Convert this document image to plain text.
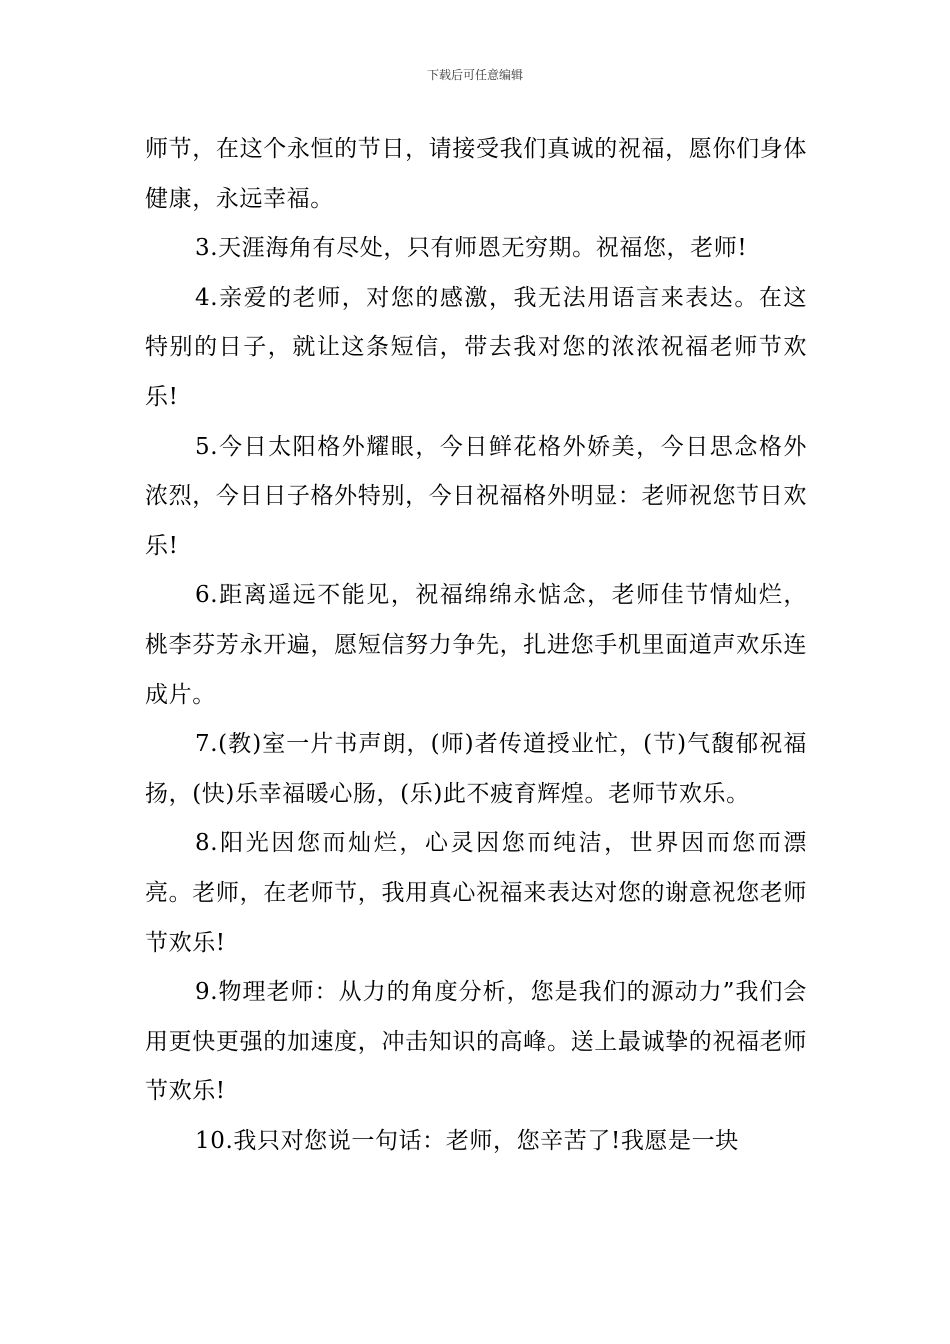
下载后可任意编辑

师节，在这个永恒的节日，请接受我们真诚的祝福，愿你们身体健康，永远幸福。

3.天涯海角有尽处，只有师恩无穷期。祝福您，老师!

4.亲爱的老师，对您的感激，我无法用语言来表达。在这特别的日子，就让这条短信，带去我对您的浓浓祝福老师节欢乐!

5.今日太阳格外耀眼，今日鲜花格外娇美，今日思念格外浓烈，今日日子格外特别，今日祝福格外明显：老师祝您节日欢乐!

6.距离遥远不能见，祝福绵绵永惦念，老师佳节情灿烂，桃李芬芳永开遍，愿短信努力争先，扎进您手机里面道声欢乐连成片。

7.(教)室一片书声朗，(师)者传道授业忙，(节)气馥郁祝福扬，(快)乐幸福暖心肠，(乐)此不疲育辉煌。老师节欢乐。

8.阳光因您而灿烂，心灵因您而纯洁，世界因而您而漂亮。老师，在老师节，我用真心祝福来表达对您的谢意祝您老师节欢乐!

9.物理老师：从力的角度分析，您是我们的源动力”我们会用更快更强的加速度，冲击知识的高峰。送上最诚挚的祝福老师节欢乐!

10.我只对您说一句话：老师，您辛苦了!我愿是一块
